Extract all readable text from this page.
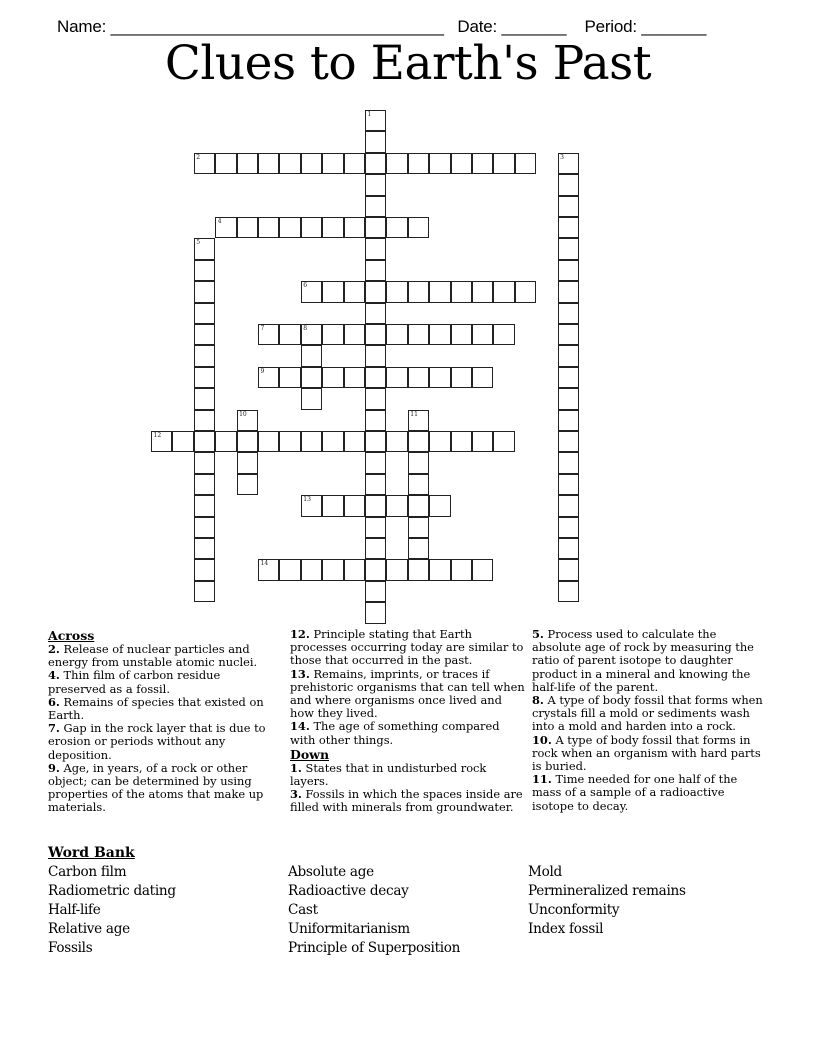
Name: ____________________________________ Date: _______ Period: _______

Clues to Earth's Past
1
2	3
4
5
6
7	8
9
10	11
12
13
14
Across
2. Release of nuclear particles and energy from unstable atomic nuclei.
4. Thin film of carbon residue preserved as a fossil.
6. Remains of species that existed on Earth.
7. Gap in the rock layer that is due to erosion or periods without any deposition.
9. Age, in years, of a rock or other object; can be determined by using properties of the atoms that make up materials.
12. Principle stating that Earth processes occurring today are similar to those that occurred in the past.
13. Remains, imprints, or traces if prehistoric organisms that can tell when and where organisms once lived and how they lived.
14. The age of something compared with other things.
Down
1. States that in undisturbed rock layers.
3. Fossils in which the spaces inside are filled with minerals from groundwater.
5. Process used to calculate the absolute age of rock by measuring the ratio of parent isotope to daughter product in a mineral and knowing the half-life of the parent.
8. A type of body fossil that forms when crystals fill a mold or sediments wash into a mold and harden into a rock.
10. A type of body fossil that forms in rock when an organism with hard parts is buried.
11. Time needed for one half of the mass of a sample of a radioactive isotope to decay.
Word Bank
Carbon film
Radiometric dating
Half-life
Relative age
Fossils
Absolute age
Radioactive decay
Cast
Uniformitarianism
Principle of Superposition
Mold
Permineralized remains
Unconformity
Index fossil
